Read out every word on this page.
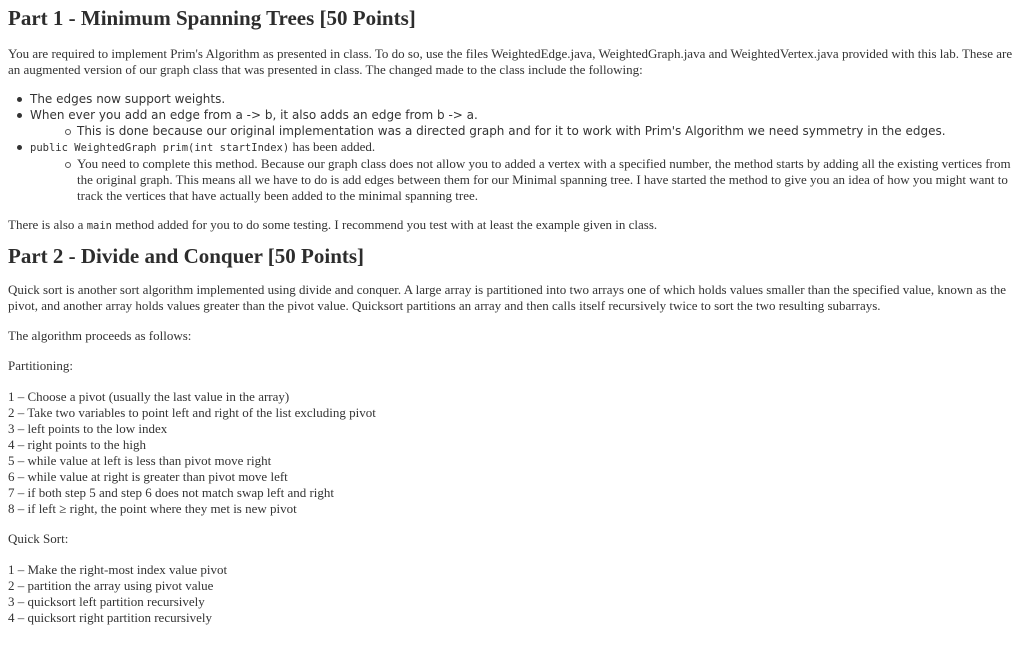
Part 1 - Minimum Spanning Trees [50 Points]

You are required to implement Prim's Algorithm as presented in class. To do so, use the files WeightedEdge.java, WeightedGraph.java and WeightedVertex.java provided with this lab. These are an augmented version of our graph class that was presented in class. The changed made to the class include the following:

The edges now support weights.
When ever you add an edge from a -> b, it also adds an edge from b -> a.
This is done because our original implementation was a directed graph and for it to work with Prim's Algorithm we need symmetry in the edges.
public WeightedGraph prim(int startIndex) has been added.
You need to complete this method. Because our graph class does not allow you to added a vertex with a specified number, the method starts by adding all the existing vertices from the original graph. This means all we have to do is add edges between them for our Minimal spanning tree. I have started the method to give you an idea of how you might want to track the vertices that have actually been added to the minimal spanning tree.

There is also a main method added for you to do some testing. I recommend you test with at least the example given in class.

Part 2 - Divide and Conquer [50 Points]

Quick sort is another sort algorithm implemented using divide and conquer. A large array is partitioned into two arrays one of which holds values smaller than the specified value, known as the pivot, and another array holds values greater than the pivot value. Quicksort partitions an array and then calls itself recursively twice to sort the two resulting subarrays.

The algorithm proceeds as follows:

Partitioning:

1 – Choose a pivot (usually the last value in the array)
2 – Take two variables to point left and right of the list excluding pivot
3 – left points to the low index
4 – right points to the high
5 – while value at left is less than pivot move right
6 – while value at right is greater than pivot move left
7 – if both step 5 and step 6 does not match swap left and right
8 – if left ≥ right, the point where they met is new pivot

Quick Sort:

1 – Make the right-most index value pivot
2 – partition the array using pivot value
3 – quicksort left partition recursively
4 – quicksort right partition recursively
